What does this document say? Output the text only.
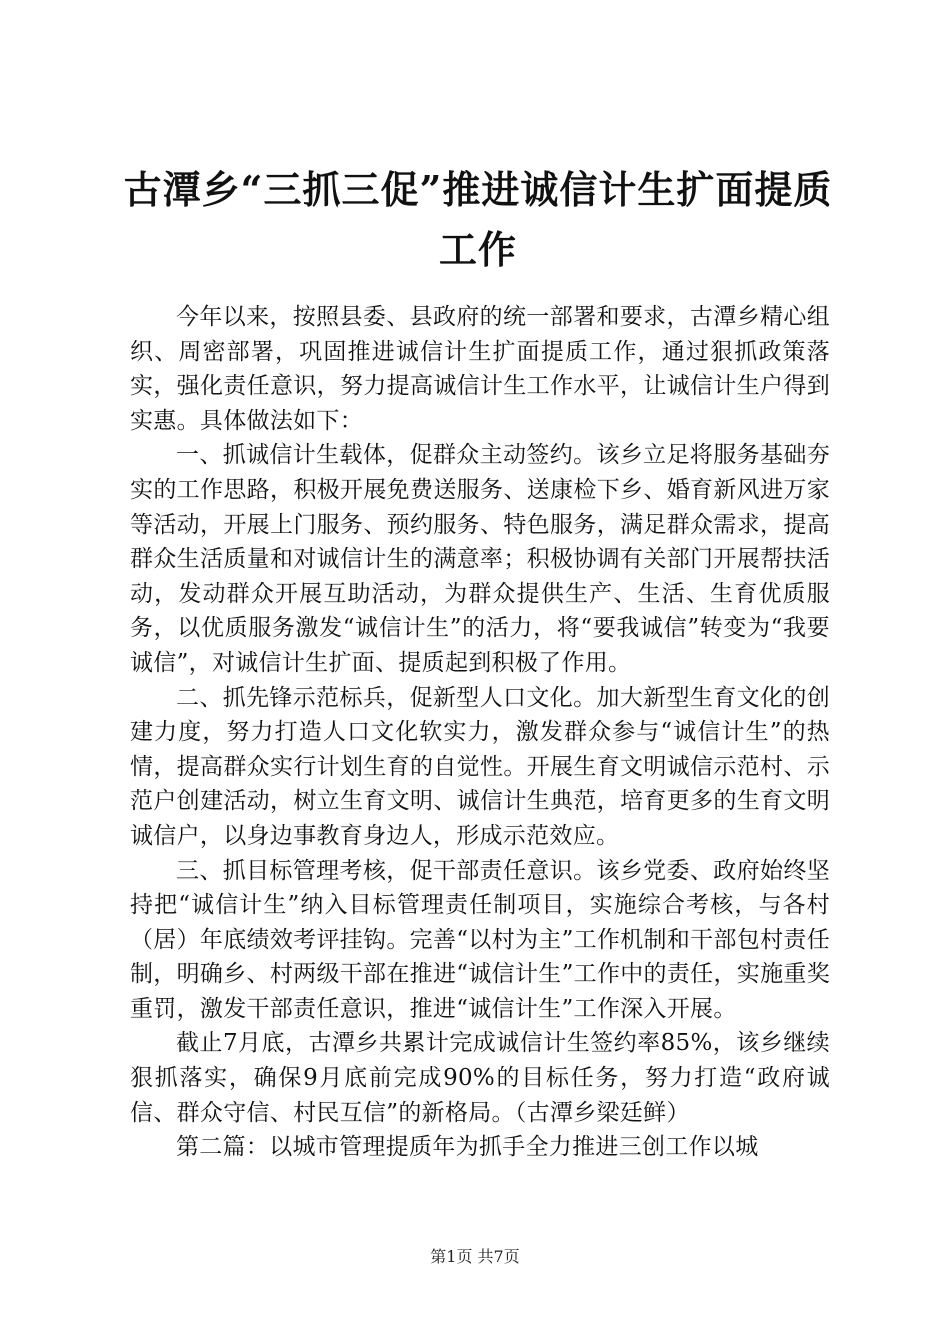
古潭乡“三抓三促”推进诚信计生扩面提质工作

今年以来，按照县委、县政府的统一部署和要求，古潭乡精心组织、周密部署，巩固推进诚信计生扩面提质工作，通过狠抓政策落实，强化责任意识，努力提高诚信计生工作水平，让诚信计生户得到实惠。具体做法如下：

一、抓诚信计生载体，促群众主动签约。该乡立足将服务基础夯实的工作思路，积极开展免费送服务、送康检下乡、婚育新风进万家等活动，开展上门服务、预约服务、特色服务，满足群众需求，提高群众生活质量和对诚信计生的满意率；积极协调有关部门开展帮扶活动，发动群众开展互助活动，为群众提供生产、生活、生育优质服务，以优质服务激发“诚信计生”的活力，将“要我诚信”转变为“我要诚信”，对诚信计生扩面、提质起到积极了作用。

二、抓先锋示范标兵，促新型人口文化。加大新型生育文化的创建力度，努力打造人口文化软实力，激发群众参与“诚信计生”的热情，提高群众实行计划生育的自觉性。开展生育文明诚信示范村、示范户创建活动，树立生育文明、诚信计生典范，培育更多的生育文明诚信户，以身边事教育身边人，形成示范效应。

三、抓目标管理考核，促干部责任意识。该乡党委、政府始终坚持把“诚信计生”纳入目标管理责任制项目，实施综合考核，与各村（居）年底绩效考评挂钩。完善“以村为主”工作机制和干部包村责任制，明确乡、村两级干部在推进“诚信计生”工作中的责任，实施重奖重罚，激发干部责任意识，推进“诚信计生”工作深入开展。

截止7月底，古潭乡共累计完成诚信计生签约率85%，该乡继续狠抓落实，确保9月底前完成90%的目标任务，努力打造“政府诚信、群众守信、村民互信”的新格局。（古潭乡梁廷鲜）

第二篇：以城市管理提质年为抓手全力推进三创工作以城

第1页 共7页
